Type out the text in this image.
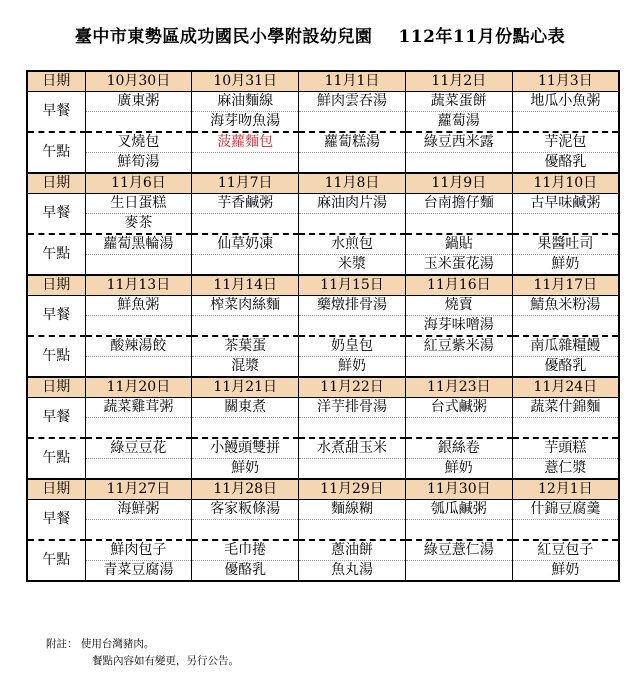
臺中市東勢區成功國民小學附設幼兒園 112年11月份點心表
日期	10月30日	10月31日	11月1日	11月2日	11月3日
早餐	廣東粥	麻油麵線	鮮肉雲吞湯	蔬菜蛋餅	地瓜小魚粥
		海芽吻魚湯		蘿蔔湯	
午點	叉燒包	菠蘿麵包	蘿蔔糕湯	綠豆西米露	芋泥包
	鮮筍湯				優酪乳
日期	11月6日	11月7日	11月8日	11月9日	11月10日
早餐	生日蛋糕	芋香鹹粥	麻油肉片湯	台南擔仔麵	古早味鹹粥
	麥茶				
午點	蘿蔔黑輪湯	仙草奶凍	水煎包	鍋貼	果醬吐司
			米漿	玉米蛋花湯	鮮奶
日期	11月13日	11月14日	11月15日	11月16日	11月17日
早餐	鮮魚粥	榨菜肉絲麵	藥燉排骨湯	燒賣	鯖魚米粉湯
				海芽味噌湯	
午點	酸辣湯餃	茶葉蛋	奶皇包	紅豆紫米湯	南瓜雜糧饅
		混漿	鮮奶		優酪乳
日期	11月20日	11月21日	11月22日	11月23日	11月24日
早餐	蔬菜雞茸粥	關東煮	洋芋排骨湯	台式鹹粥	蔬菜什錦麵

午點	綠豆豆花	小饅頭雙拼	水煮甜玉米	銀絲卷	芋頭糕
		鮮奶		鮮奶	薏仁漿
日期	11月27日	11月28日	11月29日	11月30日	12月1日
早餐	海鮮粥	客家粄條湯	麵線糊	瓠瓜鹹粥	什錦豆腐羹

午點	鮮肉包子	毛巾捲	蔥油餅	綠豆薏仁湯	紅豆包子
	青菜豆腐湯	優酪乳	魚丸湯		鮮奶
附註： 使用台灣豬肉。
餐點內容如有變更，另行公告。
